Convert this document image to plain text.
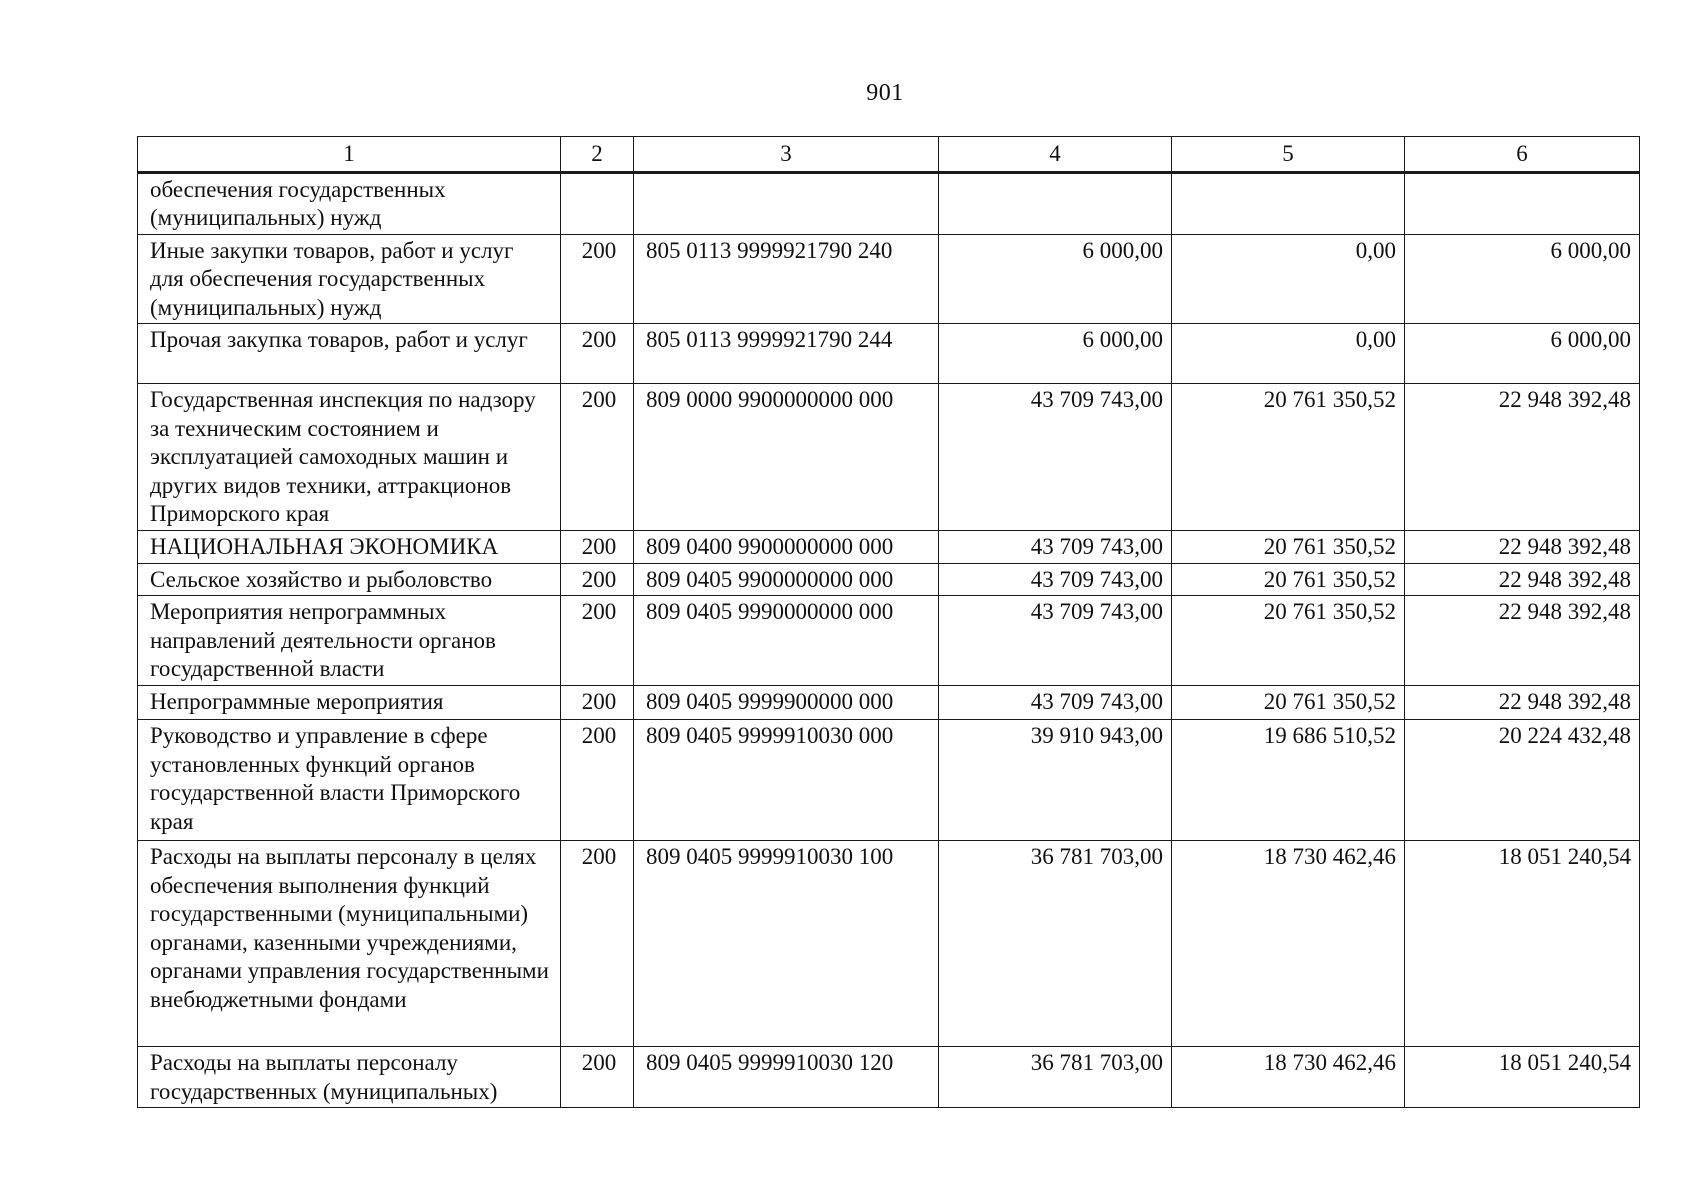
901
1	2	3	4	5	6
обеспечения государственных (муниципальных) нужд					
Иные закупки товаров, работ и услуг для обеспечения государственных (муниципальных) нужд	200	805 0113 9999921790 240	6 000,00	0,00	6 000,00
Прочая закупка товаров, работ и услуг	200	805 0113 9999921790 244	6 000,00	0,00	6 000,00
Государственная инспекция по надзору за техническим состоянием и эксплуатацией самоходных машин и других видов техники, аттракционов Приморского края	200	809 0000 9900000000 000	43 709 743,00	20 761 350,52	22 948 392,48
НАЦИОНАЛЬНАЯ ЭКОНОМИКА	200	809 0400 9900000000 000	43 709 743,00	20 761 350,52	22 948 392,48
Сельское хозяйство и рыболовство	200	809 0405 9900000000 000	43 709 743,00	20 761 350,52	22 948 392,48
Мероприятия непрограммных направлений деятельности органов государственной власти	200	809 0405 9990000000 000	43 709 743,00	20 761 350,52	22 948 392,48
Непрограммные мероприятия	200	809 0405 9999900000 000	43 709 743,00	20 761 350,52	22 948 392,48
Руководство и управление в сфере установленных функций органов государственной власти Приморского края	200	809 0405 9999910030 000	39 910 943,00	19 686 510,52	20 224 432,48
Расходы на выплаты персоналу в целях обеспечения выполнения функций государственными (муниципальными) органами, казенными учреждениями, органами управления государственными внебюджетными фондами	200	809 0405 9999910030 100	36 781 703,00	18 730 462,46	18 051 240,54
Расходы на выплаты персоналу государственных (муниципальных)	200	809 0405 9999910030 120	36 781 703,00	18 730 462,46	18 051 240,54
